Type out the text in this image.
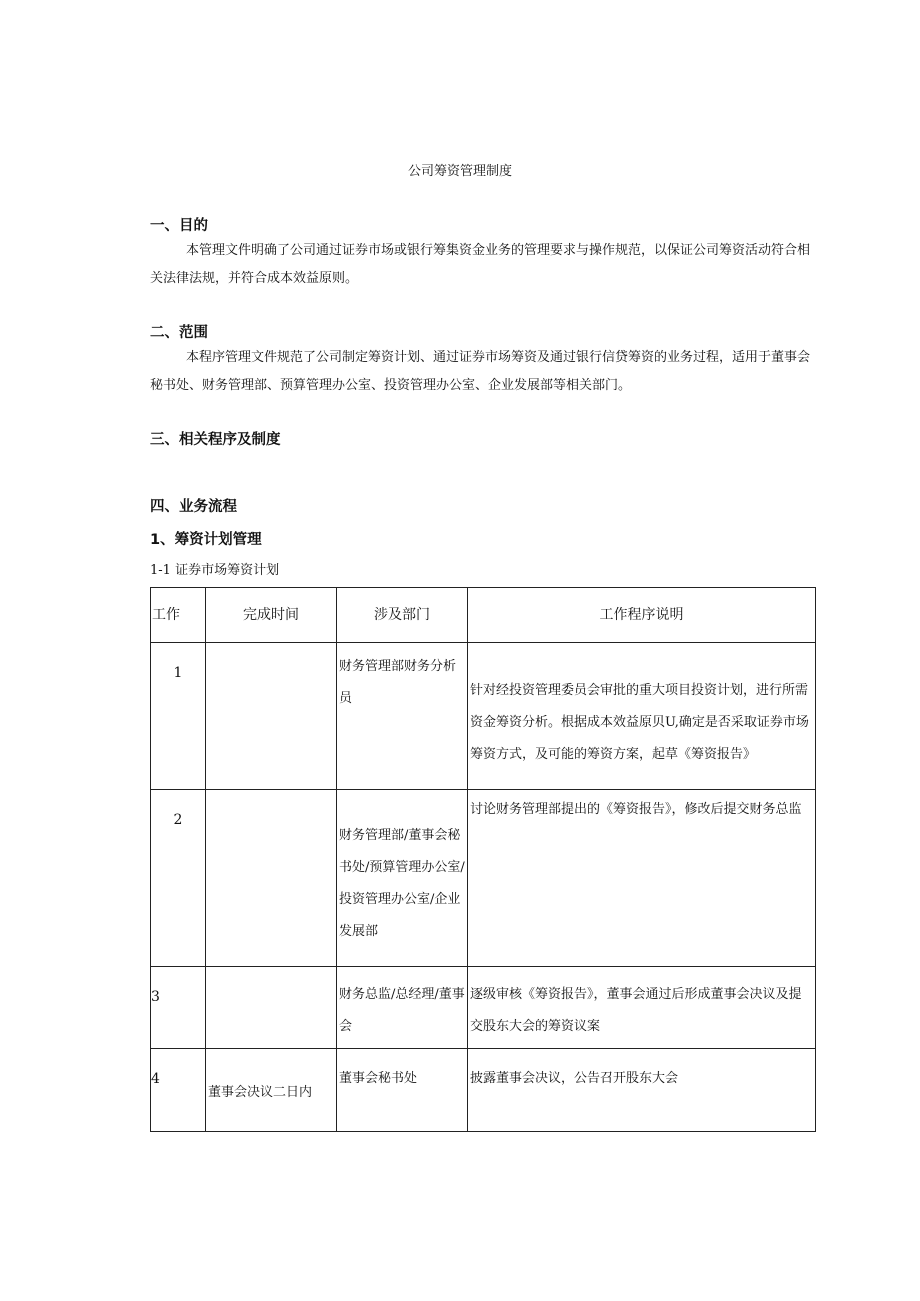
公司筹资管理制度
一、目的

本管理文件明确了公司通过证券市场或银行筹集资金业务的管理要求与操作规范，以保证公司筹资活动符合相关法律法规，并符合成本效益原则。

二、范围

本程序管理文件规范了公司制定筹资计划、通过证券市场筹资及通过银行信贷筹资的业务过程，适用于董事会秘书处、财务管理部、预算管理办公室、投资管理办公室、企业发展部等相关部门。

三、相关程序及制度
四、业务流程
1、筹资计划管理
1-1 证券市场筹资计划
工作	完成时间	涉及部门	工作程序说明

1		财务管理部财务分析员	针对经投资管理委员会审批的重大项目投资计划，进行所需资金筹资分析。根据成本效益原贝U,确定是否采取证券市场筹资方式，及可能的筹资方案，起草《筹资报告》

2		财务管理部/董事会秘书处/预算管理办公室/投资管理办公室/企业发展部	讨论财务管理部提出的《筹资报告》，修改后提交财务总监

3		财务总监/总经理/董事会	逐级审核《筹资报告》，董事会通过后形成董事会决议及提交股东大会的筹资议案

4	董事会决议二日内	董事会秘书处	披露董事会决议，公告召开股东大会
